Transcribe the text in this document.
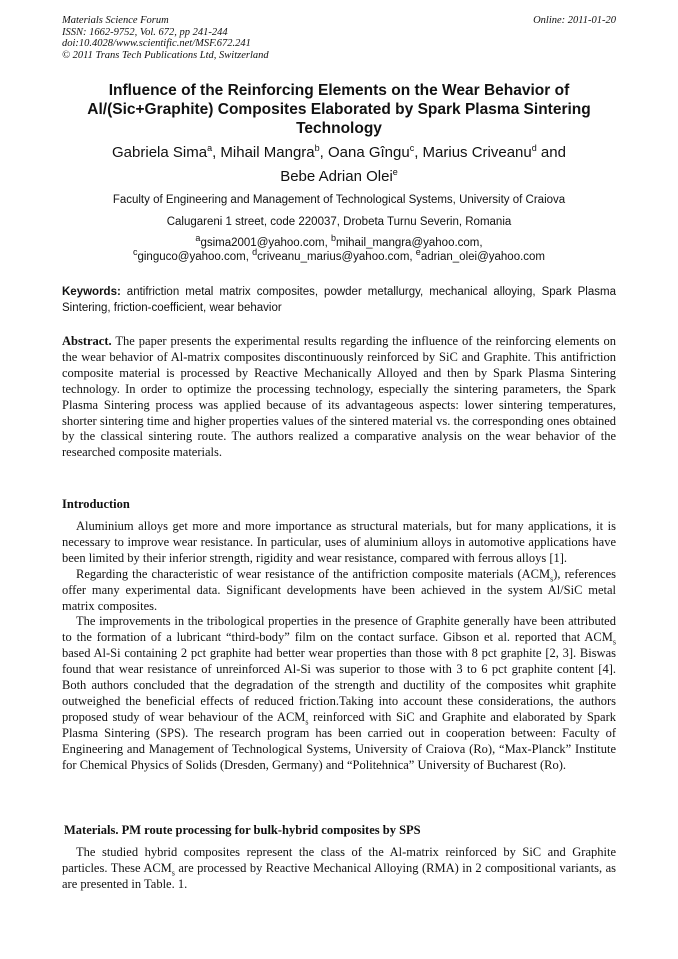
Materials Science Forum
ISSN: 1662-9752, Vol. 672, pp 241-244
doi:10.4028/www.scientific.net/MSF.672.241
© 2011 Trans Tech Publications Ltd, Switzerland
Online: 2011-01-20
Influence of the Reinforcing Elements on the Wear Behavior of
Al/(Sic+Graphite) Composites Elaborated by Spark Plasma Sintering
Technology
Gabriela Sima$^a$, Mihail Mangra$^b$, Oana Gîngu$^c$, Marius Criveanu$^d$ and
Bebe Adrian Olei$^e$
Faculty of Engineering and Management of Technological Systems, University of Craiova
Calugareni 1 street, code 220037, Drobeta Turnu Severin, Romania
$^a$gsima2001@yahoo.com, $^b$mihail_mangra@yahoo.com,
$^c$ginguco@yahoo.com, $^d$criveanu_marius@yahoo.com, $^e$adrian_olei@yahoo.com
Keywords: antifriction metal matrix composites, powder metallurgy, mechanical alloying, Spark Plasma Sintering, friction-coefficient, wear behavior
Abstract. The paper presents the experimental results regarding the influence of the reinforcing elements on the wear behavior of Al-matrix composites discontinuously reinforced by SiC and Graphite. This antifriction composite material is processed by Reactive Mechanically Alloyed and then by Spark Plasma Sintering technology. In order to optimize the processing technology, especially the sintering parameters, the Spark Plasma Sintering process was applied because of its advantageous aspects: lower sintering temperatures, shorter sintering time and higher properties values of the sintered material vs. the corresponding ones obtained by the classical sintering route. The authors realized a comparative analysis on the wear behavior of the researched composite materials.
Introduction

Aluminium alloys get more and more importance as structural materials, but for many applications, it is necessary to improve wear resistance. In particular, uses of aluminium alloys in automotive applications have been limited by their inferior strength, rigidity and wear resistance, compared with ferrous alloys [1].

Regarding the characteristic of wear resistance of the antifriction composite materials $(ACM_s)$, references offer many experimental data. Significant developments have been achieved in the system Al/SiC metal matrix composites.

The improvements in the tribological properties in the presence of Graphite generally have been attributed to the formation of a lubricant “third-body” film on the contact surface. Gibson et al. reported that $ACM_s$ based Al-Si containing 2 pct graphite had better wear properties than those with 8 pct graphite [2, 3]. Biswas found that wear resistance of unreinforced Al-Si was superior to those with 3 to 6 pct graphite content [4]. Both authors concluded that the degradation of the strength and ductility of the composites whit graphite outweighed the beneficial effects of reduced friction.Taking into account these considerations, the authors proposed study of wear behaviour of the $ACM_s$ reinforced with SiC and Graphite and elaborated by Spark Plasma Sintering (SPS). The research program has been carried out in cooperation between: Faculty of Engineering and Management of Technological Systems, University of Craiova (Ro), “Max-Planck” Institute for Chemical Physics of Solids (Dresden, Germany) and “Politehnica” University of Bucharest (Ro).

Materials. PM route processing for bulk-hybrid composites by SPS

The studied hybrid composites represent the class of the Al-matrix reinforced by SiC and Graphite particles. These $ACM_s$ are processed by Reactive Mechanical Alloying (RMA) in 2 compositional variants, as are presented in Table. 1.
